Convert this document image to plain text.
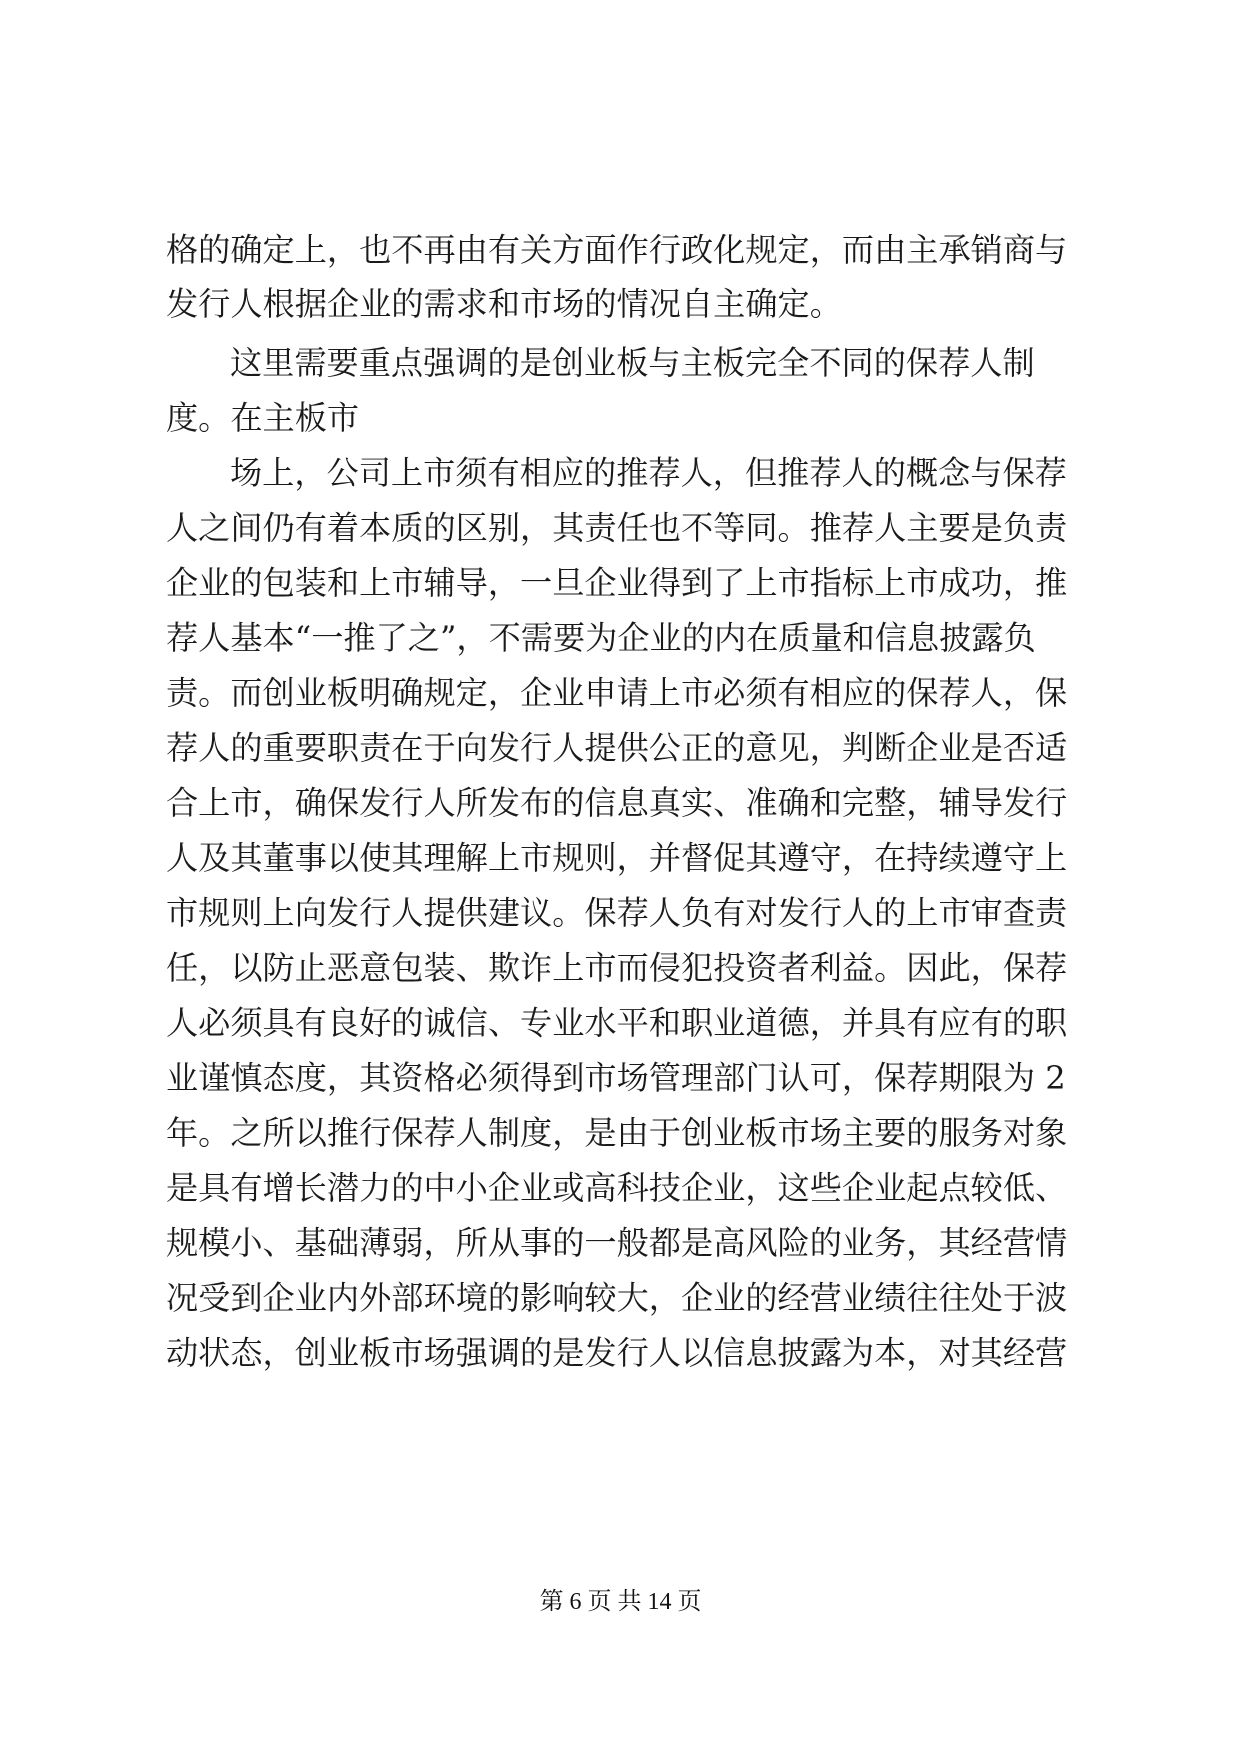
格的确定上，也不再由有关方面作行政化规定，而由主承销商与
发行人根据企业的需求和市场的情况自主确定。
这里需要重点强调的是创业板与主板完全不同的保荐人制
度。在主板市
场上，公司上市须有相应的推荐人，但推荐人的概念与保荐
人之间仍有着本质的区别，其责任也不等同。推荐人主要是负责
企业的包装和上市辅导，一旦企业得到了上市指标上市成功，推
荐人基本“一推了之”，不需要为企业的内在质量和信息披露负
责。而创业板明确规定，企业申请上市必须有相应的保荐人，保
荐人的重要职责在于向发行人提供公正的意见，判断企业是否适
合上市，确保发行人所发布的信息真实、准确和完整，辅导发行
人及其董事以使其理解上市规则，并督促其遵守，在持续遵守上
市规则上向发行人提供建议。保荐人负有对发行人的上市审查责
任，以防止恶意包装、欺诈上市而侵犯投资者利益。因此，保荐
人必须具有良好的诚信、专业水平和职业道德，并具有应有的职
业谨慎态度，其资格必须得到市场管理部门认可，保荐期限为 2
年。之所以推行保荐人制度，是由于创业板市场主要的服务对象
是具有增长潜力的中小企业或高科技企业，这些企业起点较低、
规模小、基础薄弱，所从事的一般都是高风险的业务，其经营情
况受到企业内外部环境的影响较大，企业的经营业绩往往处于波
动状态，创业板市场强调的是发行人以信息披露为本，对其经营
第 6 页 共 14 页
